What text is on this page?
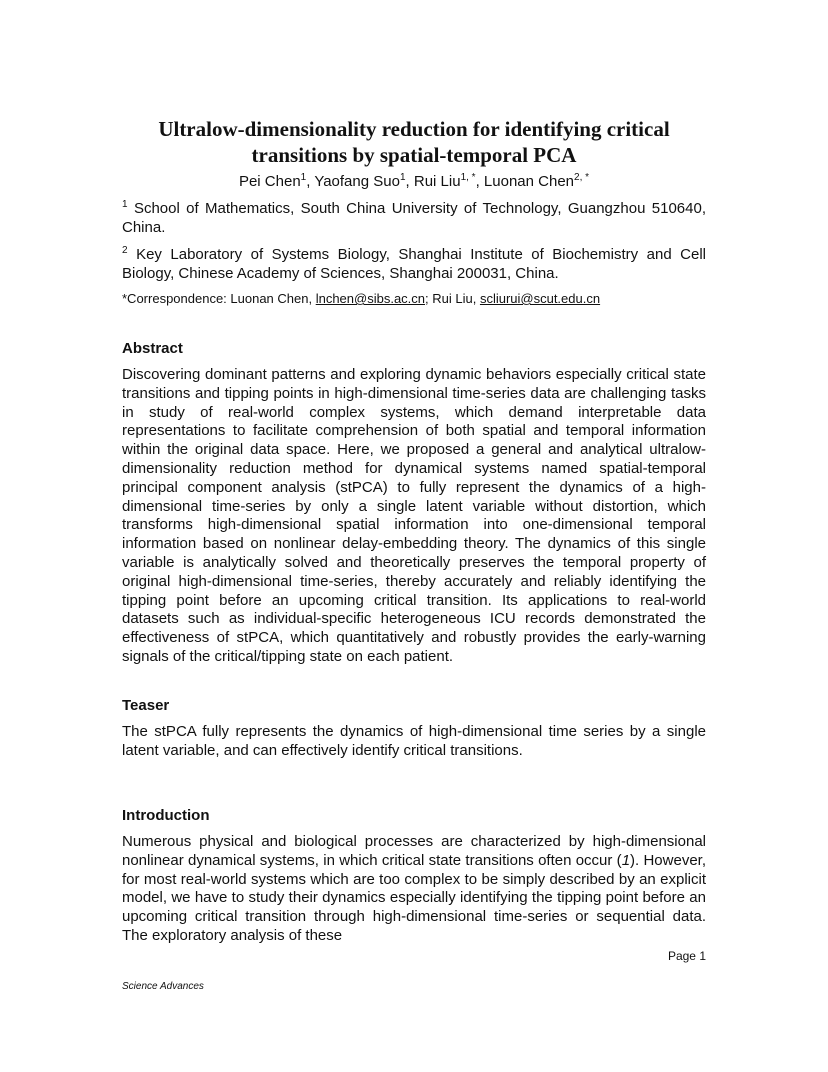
Ultralow-dimensionality reduction for identifying critical transitions by spatial-temporal PCA
Pei Chen$^1$, Yaofang Suo$^1$, Rui Liu$^{1, *}$, Luonan Chen$^{2, *}$
$^1$ School of Mathematics, South China University of Technology, Guangzhou 510640, China.
$^2$ Key Laboratory of Systems Biology, Shanghai Institute of Biochemistry and Cell Biology, Chinese Academy of Sciences, Shanghai 200031, China.
*Correspondence: Luonan Chen, lnchen@sibs.ac.cn; Rui Liu, scliurui@scut.edu.cn
Abstract
Discovering dominant patterns and exploring dynamic behaviors especially critical state transitions and tipping points in high-dimensional time-series data are challenging tasks in study of real-world complex systems, which demand interpretable data representations to facilitate comprehension of both spatial and temporal information within the original data space. Here, we proposed a general and analytical ultralow-dimensionality reduction method for dynamical systems named spatial-temporal principal component analysis (stPCA) to fully represent the dynamics of a high-dimensional time-series by only a single latent variable without distortion, which transforms high-dimensional spatial information into one-dimensional temporal information based on nonlinear delay-embedding theory. The dynamics of this single variable is analytically solved and theoretically preserves the temporal property of original high-dimensional time-series, thereby accurately and reliably identifying the tipping point before an upcoming critical transition. Its applications to real-world datasets such as individual-specific heterogeneous ICU records demonstrated the effectiveness of stPCA, which quantitatively and robustly provides the early-warning signals of the critical/tipping state on each patient.
Teaser
The stPCA fully represents the dynamics of high-dimensional time series by a single latent variable, and can effectively identify critical transitions.
Introduction
Numerous physical and biological processes are characterized by high-dimensional nonlinear dynamical systems, in which critical state transitions often occur (1). However, for most real-world systems which are too complex to be simply described by an explicit model, we have to study their dynamics especially identifying the tipping point before an upcoming critical transition through high-dimensional time-series or sequential data. The exploratory analysis of these
Page 1
Science Advances
